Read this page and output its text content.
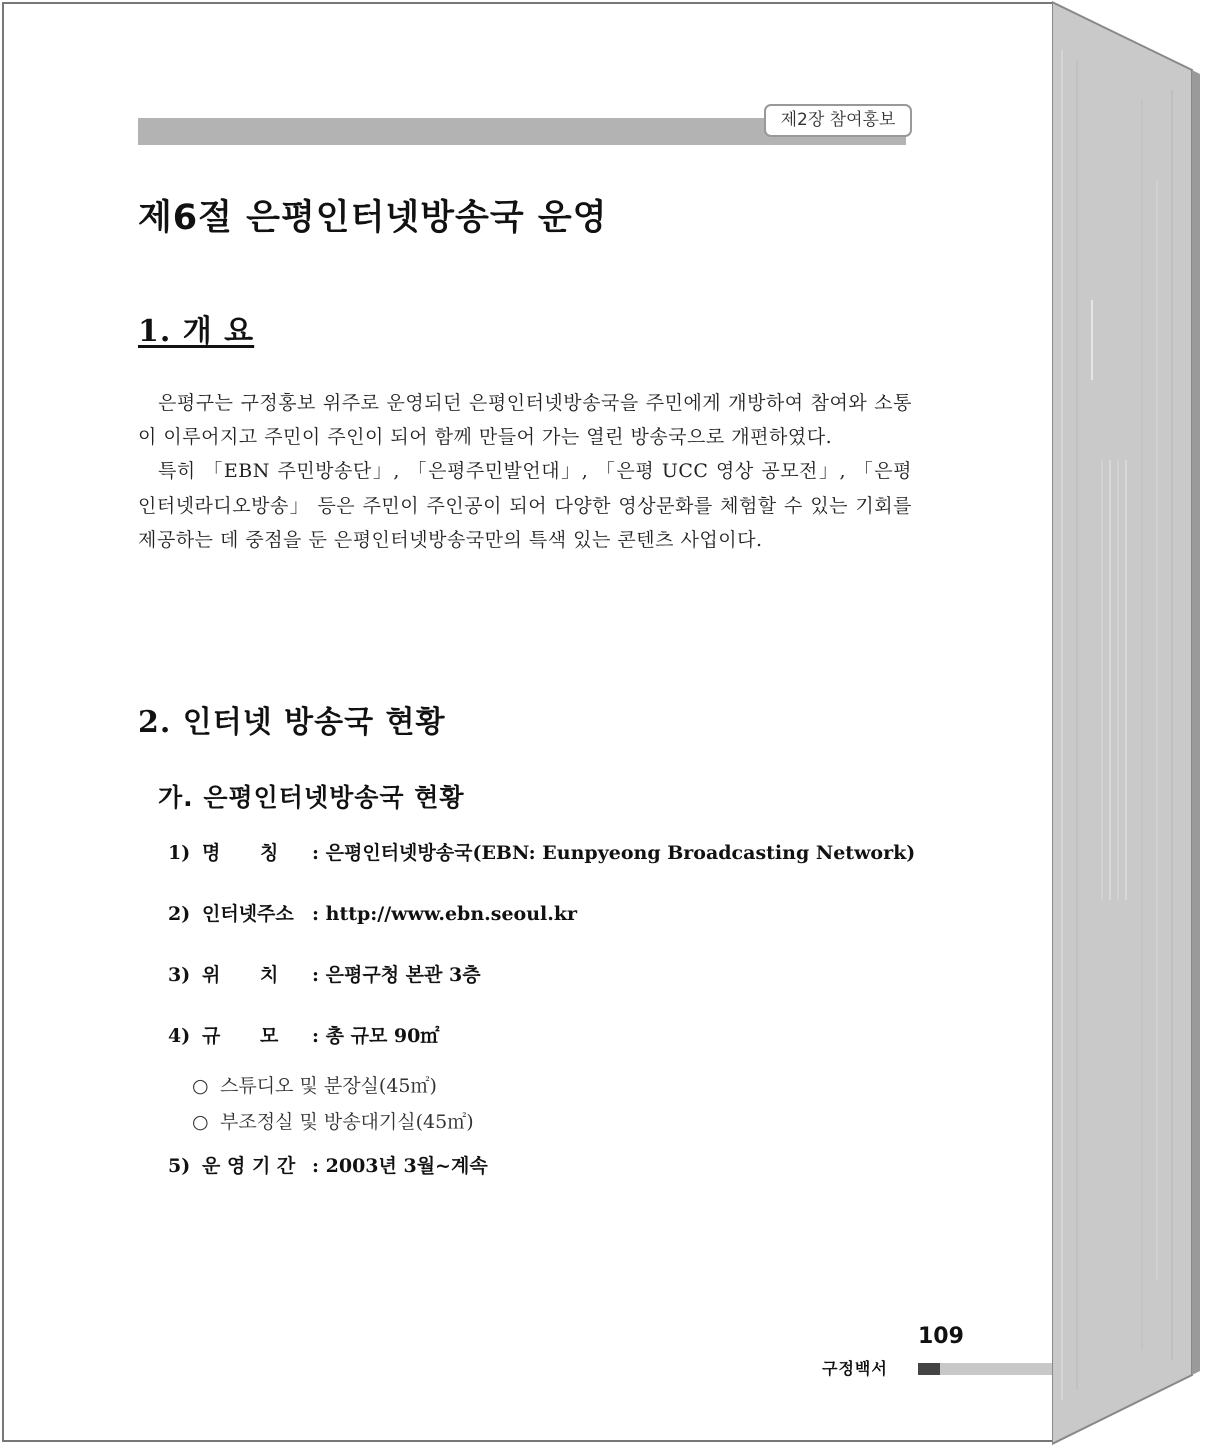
제2장 참여홍보
제6절 은평인터넷방송국 운영
1. 개 요

은평구는 구정홍보 위주로 운영되던 은평인터넷방송국을 주민에게 개방하여 참여와 소통이 이루어지고 주민이 주인이 되어 함께 만들어 가는 열린 방송국으로 개편하였다.

특히 「EBN 주민방송단」, 「은평주민발언대」, 「은평 UCC 영상 공모전」, 「은평 인터넷라디오방송」 등은 주민이 주인공이 되어 다양한 영상문화를 체험할 수 있는 기회를 제공하는 데 중점을 둔 은평인터넷방송국만의 특색 있는 콘텐츠 사업이다.

2. 인터넷 방송국 현황
가. 은평인터넷방송국 현황
1) 명      칭 : 은평인터넷방송국(EBN: Eunpyeong Broadcasting Network)
2) 인터넷주소 : http://www.ebn.seoul.kr
3) 위      치 : 은평구청 본관 3층
4) 규      모 : 총 규모 90㎡
5) 운 영 기 간 : 2003년 3월~계속
○ 스튜디오 및 분장실(45㎡)
○ 부조정실 및 방송대기실(45㎡)
109
구정백서
